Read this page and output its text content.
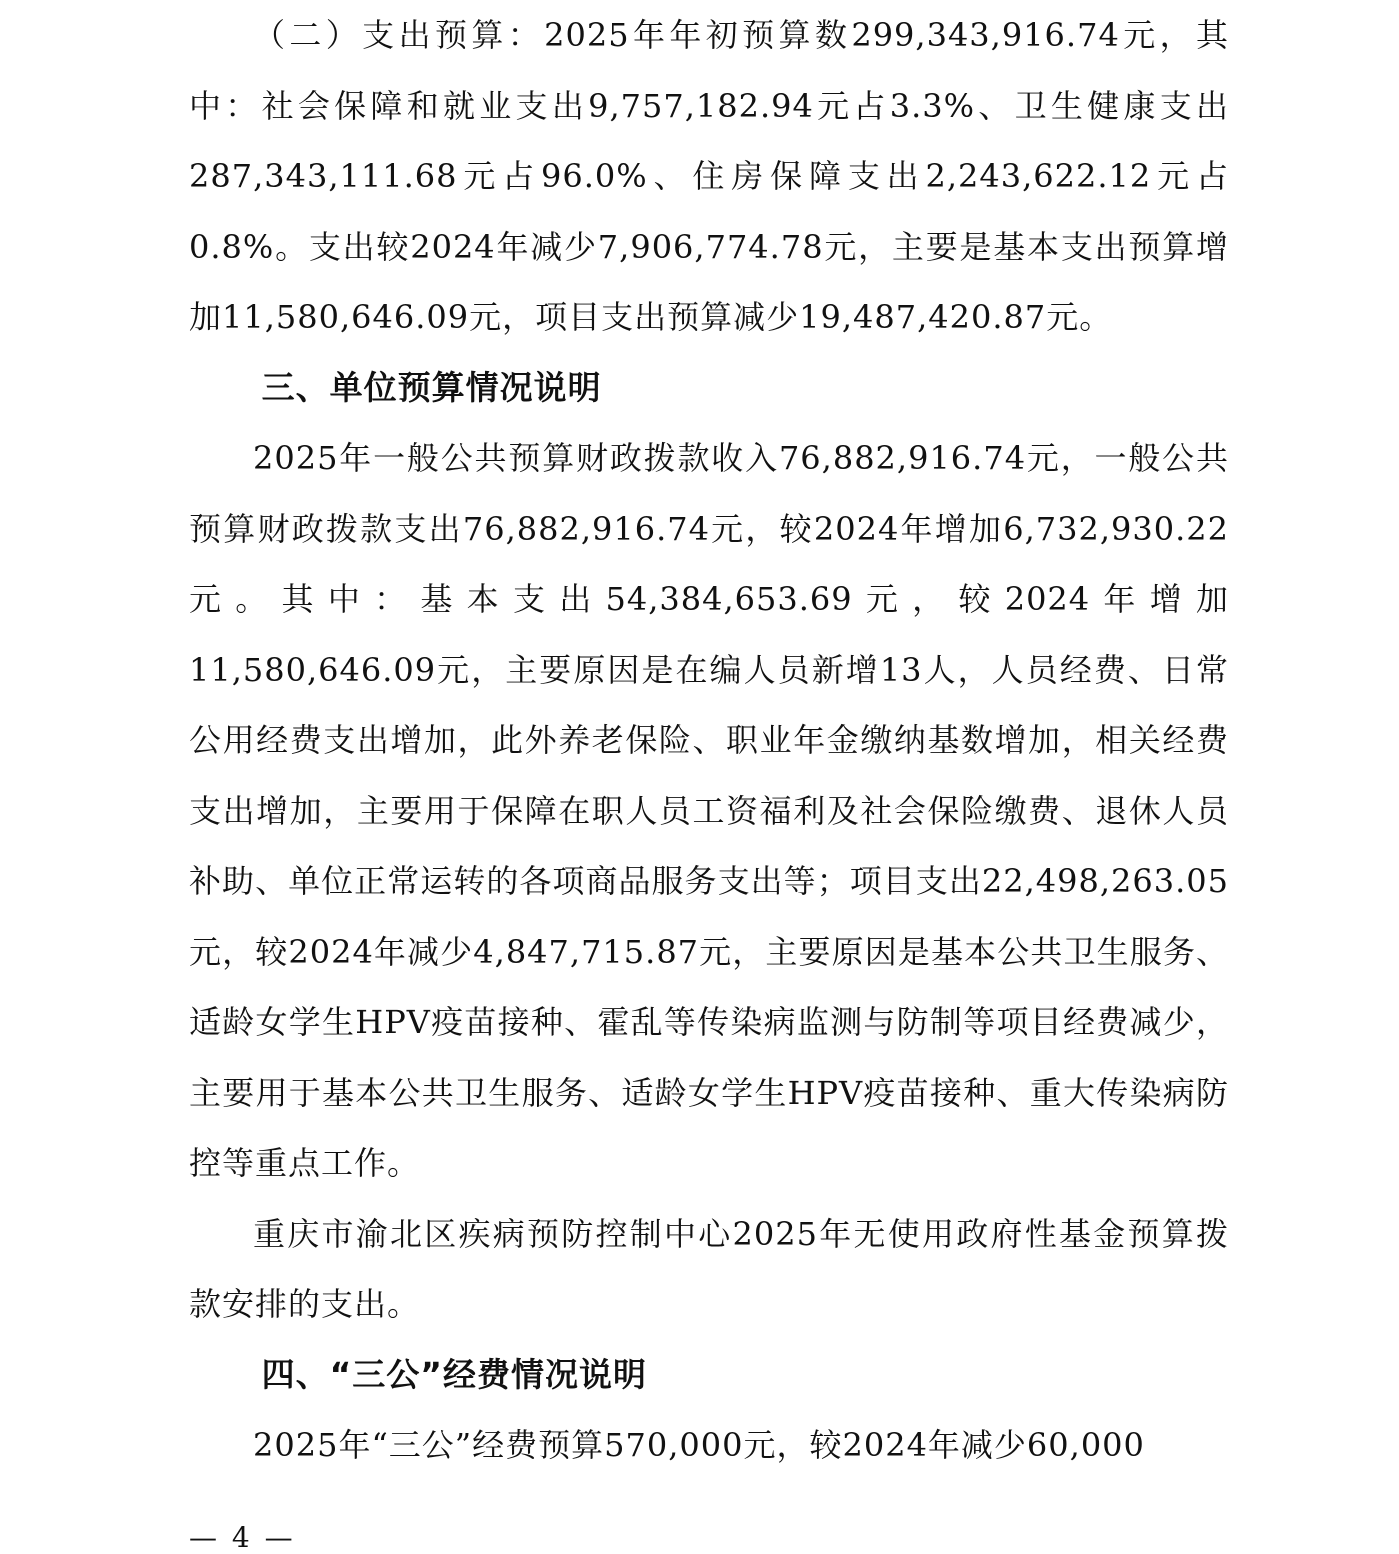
（二）支出预算：2025年年初预算数299,343,916.74元，其中：社会保障和就业支出9,757,182.94元占3.3%、卫生健康支出287,343,111.68元占96.0%、住房保障支出2,243,622.12元占0.8%。支出较2024年减少7,906,774.78元，主要是基本支出预算增加11,580,646.09元，项目支出预算减少19,487,420.87元。

三、单位预算情况说明

2025年一般公共预算财政拨款收入76,882,916.74元，一般公共预算财政拨款支出76,882,916.74元，较2024年增加6,732,930.22元。其中：基本支出54,384,653.69元，较2024年增加11,580,646.09元，主要原因是在编人员新增13人，人员经费、日常公用经费支出增加，此外养老保险、职业年金缴纳基数增加，相关经费支出增加，主要用于保障在职人员工资福利及社会保险缴费、退休人员补助、单位正常运转的各项商品服务支出等；项目支出22,498,263.05元，较2024年减少4,847,715.87元，主要原因是基本公共卫生服务、适龄女学生HPV疫苗接种、霍乱等传染病监测与防制等项目经费减少，主要用于基本公共卫生服务、适龄女学生HPV疫苗接种、重大传染病防控等重点工作。

重庆市渝北区疾病预防控制中心2025年无使用政府性基金预算拨款安排的支出。

四、“三公”经费情况说明

2025年“三公”经费预算570,000元，较2024年减少60,000

— 4 —
